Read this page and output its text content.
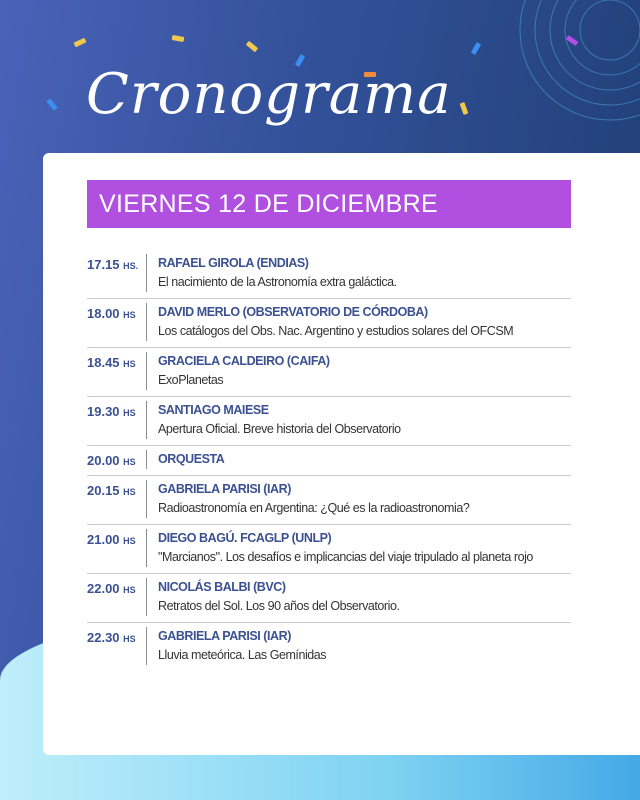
Cronograma
VIERNES 12 DE DICIEMBRE
17.15 HS.	RAFAEL GIROLA (ENDIAS)
El nacimiento de la Astronomía extra galáctica.
18.00 HS	DAVID MERLO (OBSERVATORIO DE CÓRDOBA)
Los catálogos del Obs. Nac. Argentino y estudios solares del OFCSM
18.45 HS	GRACIELA CALDEIRO (CAIFA)
ExoPlanetas
19.30 HS	SANTIAGO MAIESE
Apertura Oficial. Breve historia del Observatorio
20.00 HS	ORQUESTA
20.15 HS	GABRIELA PARISI (IAR)
Radioastronomía en Argentina: ¿Qué es la radioastronomia?
21.00 HS	DIEGO BAGÚ. FCAGLP (UNLP)
"Marcianos". Los desafíos e implicancias del viaje tripulado al planeta rojo
22.00 HS	NICOLÁS BALBI (BVC)
Retratos del Sol. Los 90 años del Observatorio.
22.30 HS	GABRIELA PARISI (IAR)
Lluvia meteórica. Las Gemínidas
